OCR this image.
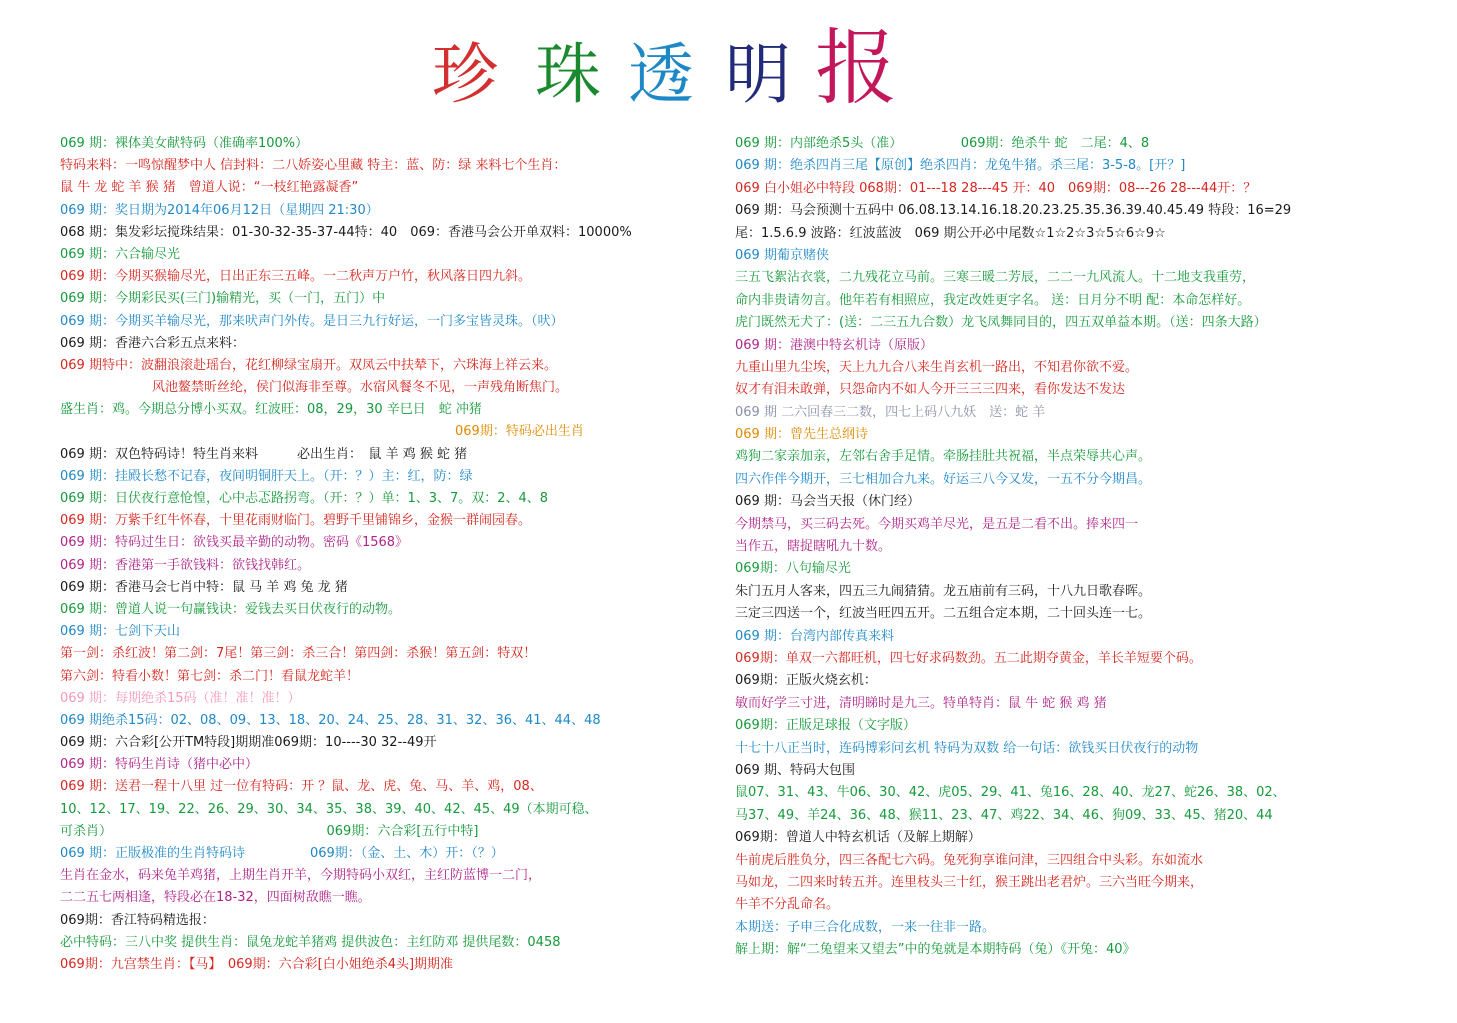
珍 珠 透 明 报
069 期：裸体美女献特码（准确率100%）
特码来料：一鸣惊醒梦中人 信封料：二八娇姿心里藏 特主：蓝、防：绿 来料七个生肖：
鼠 牛 龙 蛇 羊 猴 猪　曾道人说：“一枝红艳露凝香”
069 期：奖日期为2014年06月12日（星期四 21:30）
068 期：集发彩坛搅珠结果：01-30-32-35-37-44特：40　069：香港马会公开单双料：10000%
069 期：六合输尽光
069 期：今期买猴输尽光，日出正东三五峰。一二秋声万户竹，秋风落日四九斜。
069 期：今期彩民买(三门)输精光，买（一门，五门）中
069 期：今期买羊输尽光，那来吠声门外传。是日三九行好运，一门多宝皆灵珠。（吠）
069 期：香港六合彩五点来料：
069 期特中：波翻浪滚赴瑶台，花红柳绿宝扇开。双凤云中扶辇下，六珠海上祥云来。
风池鳌禁昕丝纶，侯门似海非至尊。水宿风餐冬不见，一声残角断焦门。
盛生肖：鸡。今期总分博小买双。红波旺：08，29，30 辛巳日　蛇 冲猪
069期：特码必出生肖
069 期：双色特码诗！特生肖来料　　　必出生肖：　鼠 羊 鸡 猴 蛇 猪
069 期：挂殿长愁不记春，夜间明铜肝天上。（开：？）主：红，防：绿
069 期：日伏夜行意怆惶，心中忐忑路拐弯。（开：？）单：1、3、7。双：2、4、8
069 期：万紫千红牛怀春，十里花雨财临门。碧野千里铺锦乡，金猴一群闹园春。
069 期：特码过生日：欲钱买最辛勤的动物。密码《1568》
069 期：香港第一手欲钱料：欲钱找韩红。
069 期：香港马会七肖中特：鼠 马 羊 鸡 兔 龙 猪
069 期：曾道人说一句赢钱诀：爱钱去买日伏夜行的动物。
069 期：七剑下天山
第一剑：杀红波！第二剑：7尾！第三剑：杀三合！第四剑：杀猴！第五剑：特双！
第六剑：特看小数！第七剑：杀二门！看鼠龙蛇羊！
069 期：每期绝杀15码（准！准！准！）
069 期绝杀15码：02、08、09、13、18、20、24、25、28、31、32、36、41、44、48
069 期：六合彩[公开TM特段]期期准069期：10----30 32--49开
069 期：特码生肖诗（猪中必中）
069 期：送君一程十八里 过一位有特码：开 ？鼠、龙、虎、兔、马、羊、鸡，08、
10、12、17、19、22、26、29、30、34、35、38、39、40、42、45、49（本期可稳、
可杀肖）　　　　　　　　　　　　　　　　　069期：六合彩[五行中特]
069 期：正版极准的生肖特码诗　　　　　069期：（金、土、木）开：（？）
生肖在金水，码来兔羊鸡猪，上期生肖开羊，今期特码小双红，主红防蓝博一二门，
二二五七两相逢，特段必在18-32，四面树敌瞧一瞧。
069期：香江特码精选报：
必中特码：三八中奖 提供生肖：鼠兔龙蛇羊猪鸡 提供波色：主红防邓 提供尾数：0458
069期：九宫禁生肖：【马】　069期：六合彩[白小姐绝杀4头]期期准
069 期：内部绝杀5头（准）　　　　　069期：绝杀牛 蛇　二尾：4、8
069 期：绝杀四肖三尾【原创】绝杀四肖：龙兔牛猪。杀三尾：3-5-8。[开？]
069 白小姐必中特段 068期：01---18 28---45 开：40　069期：08---26 28---44开：？
069 期：马会预测十五码中 06.08.13.14.16.18.20.23.25.35.36.39.40.45.49 特段：16=29
尾：1.5.6.9 波路：红波蓝波　069 期公开必中尾数☆1☆2☆3☆5☆6☆9☆
069 期葡京赌侠
三五飞絮沾衣裳，二九残花立马前。三寒三暖二芳辰，二二一九风流人。十二地支我重劳，
命内非贵请勿言。他年若有相照应，我定改姓更字名。 送：日月分不明 配：本命怎样好。
虎门既然无犬了：(送：二三五九合数）龙飞凤舞同目的，四五双单益本期。（送：四条大路）
069 期：港澳中特玄机诗（原版）
九重山里九尘埃，天上九九合八来生肖玄机一路出，不知君你欲不爱。
奴才有泪未敢弹，只怨命内不如人今开三三三四来，看你发达不发达
069 期 二六回春三二数，四七上码八九妖　送：蛇 羊
069 期：曾先生总纲诗
鸡狗二家亲加亲，左邻右舍手足情。牵肠挂肚共祝福，半点荣辱共心声。
四六作伴今期开，三七相加合九来。好运三八今又发，一五不分今期昌。
069 期：马会当天报（休门经）
今期禁马，买三码去死。今期买鸡羊尽光，是五是二看不出。捧来四一
当作五，瞎捉瞎吼九十数。
069期：八句输尽光
朱门五月人客来，四五三九闹猜猜。龙五庙前有三码，十八九日歌春晖。
三定三四送一个，红波当旺四五开。二五组合定本期，二十回头连一七。
069 期：台湾内部传真来料
069期：单双一六都旺机，四七好求码数劲。五二此期夺黄金，羊长羊短要个码。
069期：正版火烧玄机：
敏而好学三寸进，清明睇时是九三。特单特肖：鼠 牛 蛇 猴 鸡 猪
069期：正版足球报（文字版）
十七十八正当时，连码博彩问玄机 特码为双数 给一句话：欲钱买日伏夜行的动物
069 期、特码大包围
鼠07、31、43、牛06、30、42、虎05、29、41、兔16、28、40、龙27、蛇26、38、02、
马37、49、羊24、36、48、猴11、23、47、鸡22、34、46、狗09、33、45、猪20、44
069期：曾道人中特玄机话（及解上期解）
牛前虎后胜负分，四三各配七六码。兔死狗享谁问津，三四组合中头彩。东如流水
马如龙，二四来时转五并。连里枝头三十红，猴王跳出老君炉。三六当旺今期来，
牛羊不分乱命名。
本期送：子申三合化成数，一来一往非一路。
解上期：解“二兔望来又望去”中的兔就是本期特码（兔）《开兔：40》
